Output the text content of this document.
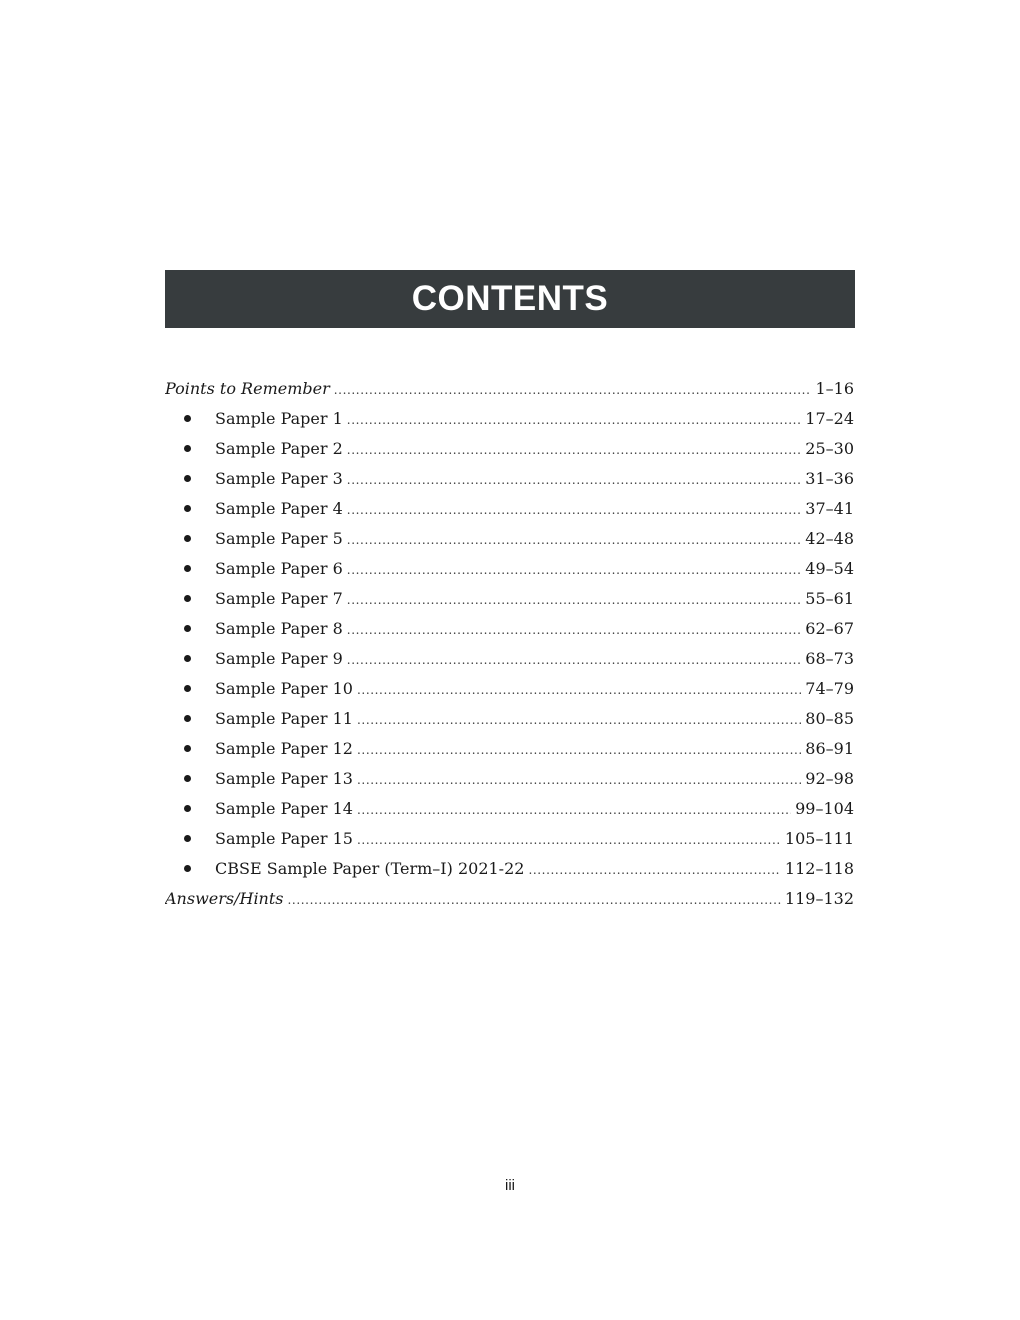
CONTENTS
Points to Remember .....	1–16
Sample Paper 1 .....	17–24
Sample Paper 2 .....	25–30
Sample Paper 3 .....	31–36
Sample Paper 4 .....	37–41
Sample Paper 5 .....	42–48
Sample Paper 6 .....	49–54
Sample Paper 7 .....	55–61
Sample Paper 8 .....	62–67
Sample Paper 9 .....	68–73
Sample Paper 10 .....	74–79
Sample Paper 11 .....	80–85
Sample Paper 12 .....	86–91
Sample Paper 13 .....	92–98
Sample Paper 14 .....	99–104
Sample Paper 15 .....	105–111
CBSE Sample Paper (Term–I) 2021-22 .....	112–118
Answers/Hints .....	119–132
iii
